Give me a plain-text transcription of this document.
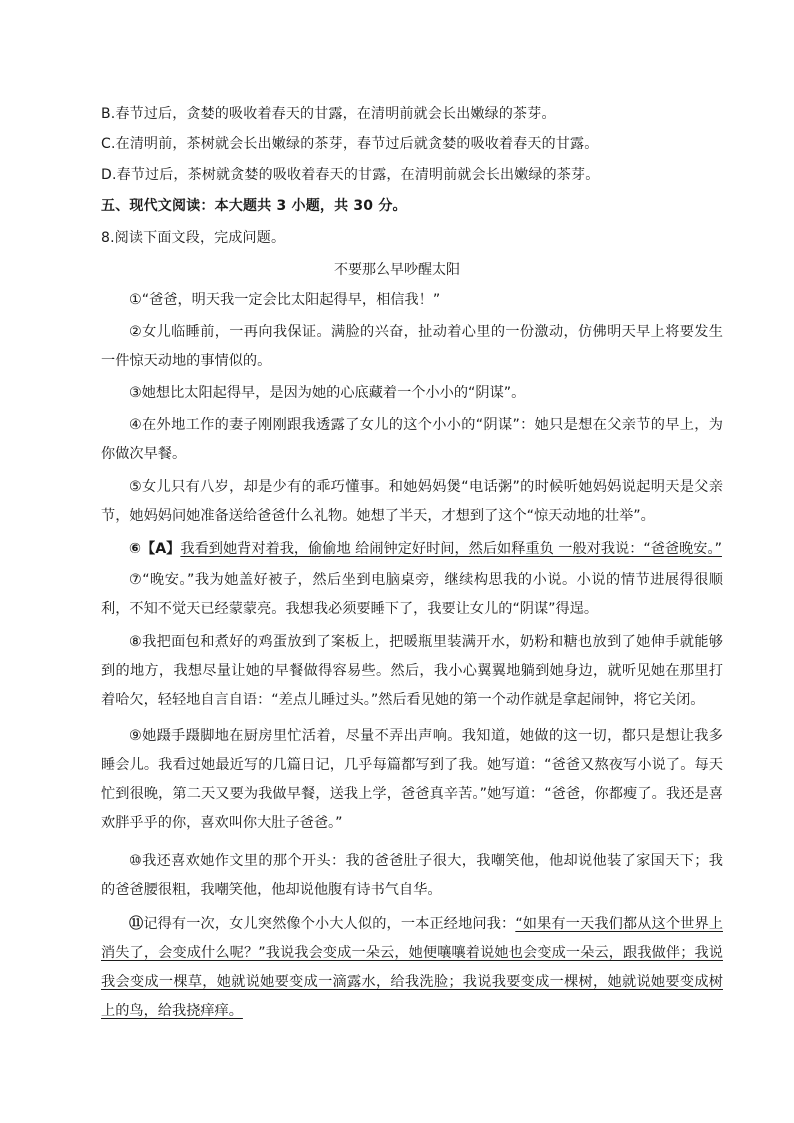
B.春节过后，贪婪的吸收着春天的甘露，在清明前就会长出嫩绿的茶芽。
C.在清明前，茶树就会长出嫩绿的茶芽，春节过后就贪婪的吸收着春天的甘露。
D.春节过后，茶树就贪婪的吸收着春天的甘露，在清明前就会长出嫩绿的茶芽。
五、现代文阅读：本大题共 3 小题，共 30 分。
8.阅读下面文段，完成问题。
不要那么早吵醒太阳
①“爸爸，明天我一定会比太阳起得早，相信我！”
②女儿临睡前，一再向我保证。满脸的兴奋，扯动着心里的一份激动，仿佛明天早上将要发生一件惊天动地的事情似的。
③她想比太阳起得早，是因为她的心底藏着一个小小的“阴谋”。
④在外地工作的妻子刚刚跟我透露了女儿的这个小小的“阴谋”：她只是想在父亲节的早上，为你做次早餐。
⑤女儿只有八岁，却是少有的乖巧懂事。和她妈妈煲“电话粥”的时候听她妈妈说起明天是父亲节，她妈妈问她准备送给爸爸什么礼物。她想了半天，才想到了这个“惊天动地的壮举”。
⑥【A】我看到她背对着我，偷偷地 给闹钟定好时间，然后如释重负 一般对我说：“爸爸晚安。”
⑦“晚安。”我为她盖好被子，然后坐到电脑桌旁，继续构思我的小说。小说的情节进展得很顺利，不知不觉天已经蒙蒙亮。我想我必须要睡下了，我要让女儿的“阴谋”得逞。
⑧我把面包和煮好的鸡蛋放到了案板上，把暖瓶里装满开水，奶粉和糖也放到了她伸手就能够到的地方，我想尽量让她的早餐做得容易些。然后，我小心翼翼地躺到她身边，就听见她在那里打着哈欠，轻轻地自言自语：“差点儿睡过头。”然后看见她的第一个动作就是拿起闹钟，将它关闭。
⑨她蹑手蹑脚地在厨房里忙活着，尽量不弄出声响。我知道，她做的这一切，都只是想让我多睡会儿。我看过她最近写的几篇日记，几乎每篇都写到了我。她写道：“爸爸又熬夜写小说了。每天忙到很晚，第二天又要为我做早餐，送我上学，爸爸真辛苦。”她写道：“爸爸，你都瘦了。我还是喜欢胖乎乎的你，喜欢叫你大肚子爸爸。”
⑩我还喜欢她作文里的那个开头：我的爸爸肚子很大，我嘲笑他，他却说他装了家国天下；我的爸爸腰很粗，我嘲笑他，他却说他腹有诗书气自华。
⑪记得有一次，女儿突然像个小大人似的，一本正经地问我：“如果有一天我们都从这个世界上消失了，会变成什么呢？”我说我会变成一朵云，她便嚷嚷着说她也会变成一朵云，跟我做伴；我说我会变成一棵草，她就说她要变成一滴露水，给我洗脸；我说我要变成一棵树，她就说她要变成树上的鸟，给我挠痒痒。
